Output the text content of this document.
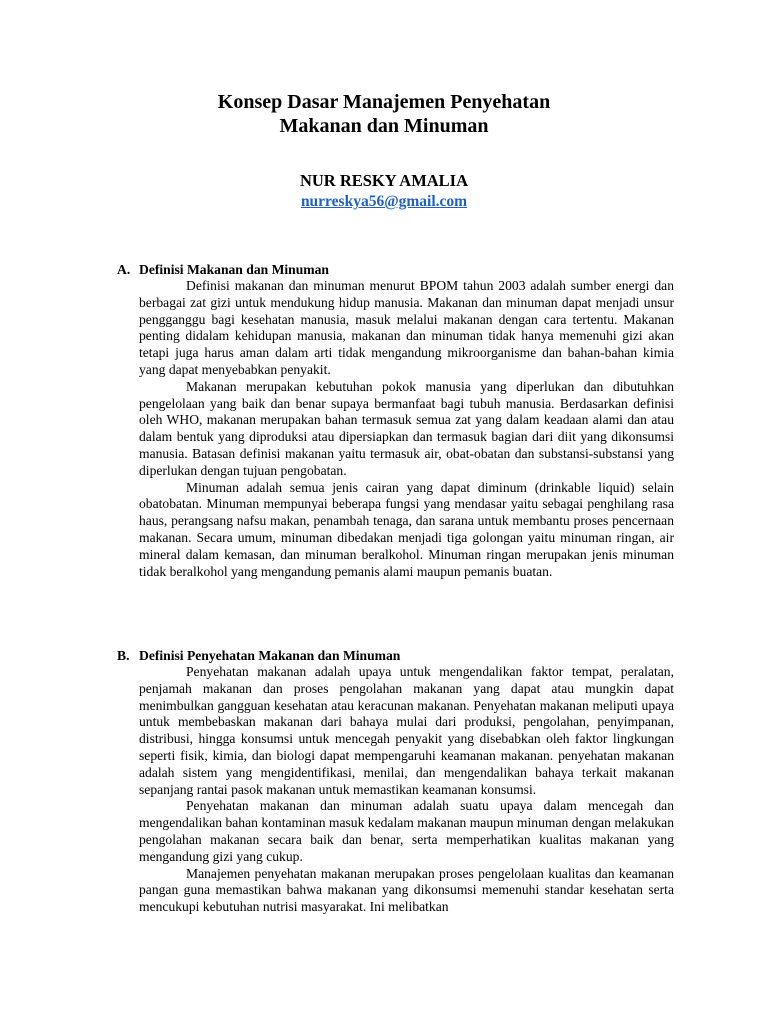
Konsep Dasar Manajemen Penyehatan
Makanan dan Minuman
NUR RESKY AMALIA
nurreskya56@gmail.com
A. Definisi Makanan dan Minuman

Definisi makanan dan minuman menurut BPOM tahun 2003 adalah sumber energi dan berbagai zat gizi untuk mendukung hidup manusia. Makanan dan minuman dapat menjadi unsur pengganggu bagi kesehatan manusia, masuk melalui makanan dengan cara tertentu. Makanan penting didalam kehidupan manusia, makanan dan minuman tidak hanya memenuhi gizi akan tetapi juga harus aman dalam arti tidak mengandung mikroorganisme dan bahan-bahan kimia yang dapat menyebabkan penyakit.

Makanan merupakan kebutuhan pokok manusia yang diperlukan dan dibutuhkan pengelolaan yang baik dan benar supaya bermanfaat bagi tubuh manusia. Berdasarkan definisi oleh WHO, makanan merupakan bahan termasuk semua zat yang dalam keadaan alami dan atau dalam bentuk yang diproduksi atau dipersiapkan dan termasuk bagian dari diit yang dikonsumsi manusia. Batasan definisi makanan yaitu termasuk air, obat-obatan dan substansi-substansi yang diperlukan dengan tujuan pengobatan.

Minuman adalah semua jenis cairan yang dapat diminum (drinkable liquid) selain obatobatan. Minuman mempunyai beberapa fungsi yang mendasar yaitu sebagai penghilang rasa haus, perangsang nafsu makan, penambah tenaga, dan sarana untuk membantu proses pencernaan makanan. Secara umum, minuman dibedakan menjadi tiga golongan yaitu minuman ringan, air mineral dalam kemasan, dan minuman beralkohol. Minuman ringan merupakan jenis minuman tidak beralkohol yang mengandung pemanis alami maupun pemanis buatan.

B. Definisi Penyehatan Makanan dan Minuman

Penyehatan makanan adalah upaya untuk mengendalikan faktor tempat, peralatan, penjamah makanan dan proses pengolahan makanan yang dapat atau mungkin dapat menimbulkan gangguan kesehatan atau keracunan makanan. Penyehatan makanan meliputi upaya untuk membebaskan makanan dari bahaya mulai dari produksi, pengolahan, penyimpanan, distribusi, hingga konsumsi untuk mencegah penyakit yang disebabkan oleh faktor lingkungan seperti fisik, kimia, dan biologi dapat mempengaruhi keamanan makanan. penyehatan makanan adalah sistem yang mengidentifikasi, menilai, dan mengendalikan bahaya terkait makanan sepanjang rantai pasok makanan untuk memastikan keamanan konsumsi.

Penyehatan makanan dan minuman adalah suatu upaya dalam mencegah dan mengendalikan bahan kontaminan masuk kedalam makanan maupun minuman dengan melakukan pengolahan makanan secara baik dan benar, serta memperhatikan kualitas makanan yang mengandung gizi yang cukup.

Manajemen penyehatan makanan merupakan proses pengelolaan kualitas dan keamanan pangan guna memastikan bahwa makanan yang dikonsumsi memenuhi standar kesehatan serta mencukupi kebutuhan nutrisi masyarakat. Ini melibatkan
